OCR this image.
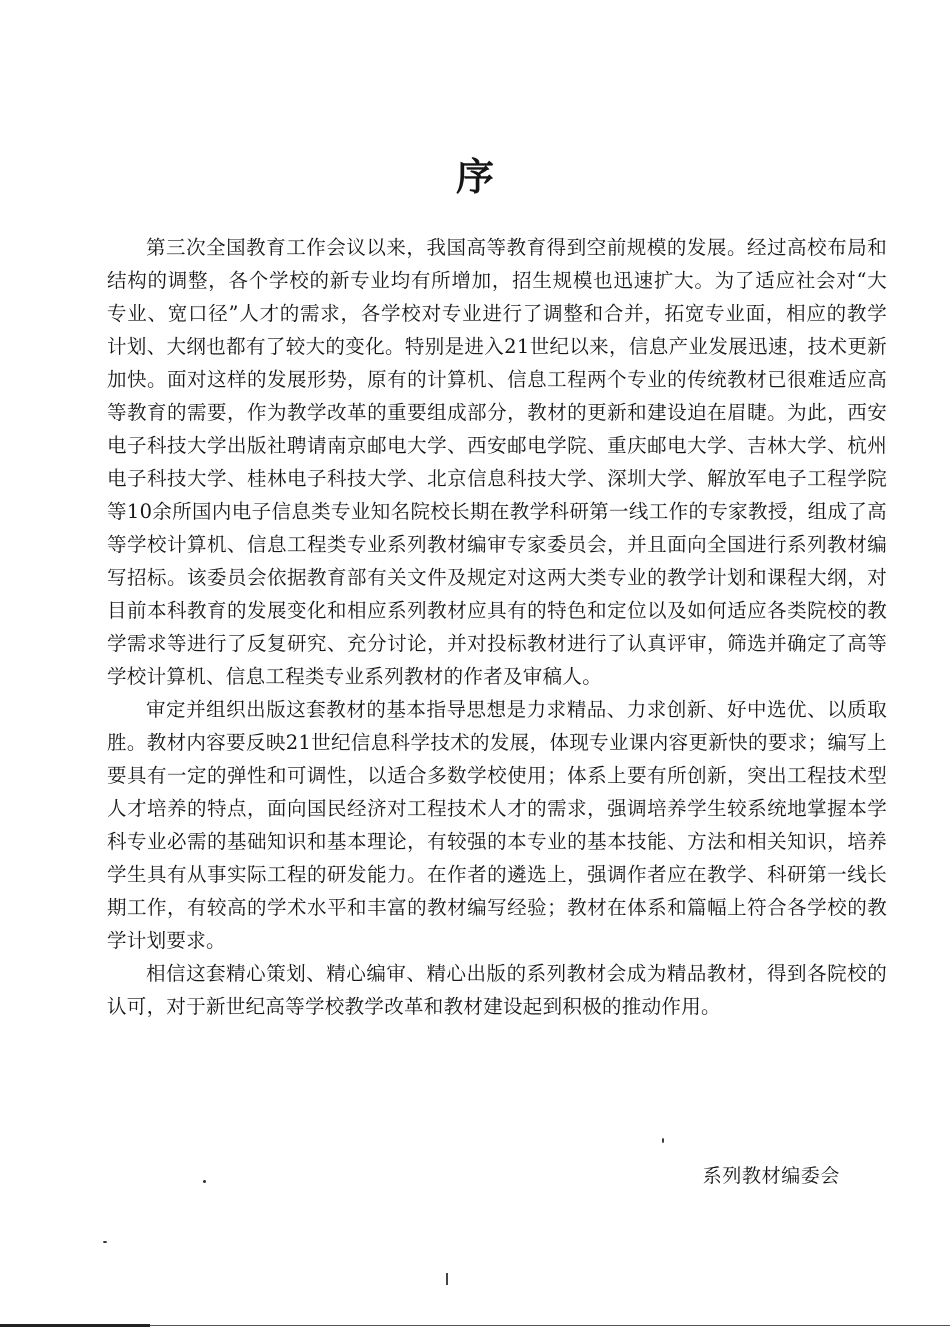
序

第三次全国教育工作会议以来，我国高等教育得到空前规模的发展。经过高校布局和结构的调整，各个学校的新专业均有所增加，招生规模也迅速扩大。为了适应社会对“大专业、宽口径”人才的需求，各学校对专业进行了调整和合并，拓宽专业面，相应的教学计划、大纲也都有了较大的变化。特别是进入21世纪以来，信息产业发展迅速，技术更新加快。面对这样的发展形势，原有的计算机、信息工程两个专业的传统教材已很难适应高等教育的需要，作为教学改革的重要组成部分，教材的更新和建设迫在眉睫。为此，西安电子科技大学出版社聘请南京邮电大学、西安邮电学院、重庆邮电大学、吉林大学、杭州电子科技大学、桂林电子科技大学、北京信息科技大学、深圳大学、解放军电子工程学院等10余所国内电子信息类专业知名院校长期在教学科研第一线工作的专家教授，组成了高等学校计算机、信息工程类专业系列教材编审专家委员会，并且面向全国进行系列教材编写招标。该委员会依据教育部有关文件及规定对这两大类专业的教学计划和课程大纲，对目前本科教育的发展变化和相应系列教材应具有的特色和定位以及如何适应各类院校的教学需求等进行了反复研究、充分讨论，并对投标教材进行了认真评审，筛选并确定了高等学校计算机、信息工程类专业系列教材的作者及审稿人。

审定并组织出版这套教材的基本指导思想是力求精品、力求创新、好中选优、以质取胜。教材内容要反映21世纪信息科学技术的发展，体现专业课内容更新快的要求；编写上要具有一定的弹性和可调性，以适合多数学校使用；体系上要有所创新，突出工程技术型人才培养的特点，面向国民经济对工程技术人才的需求，强调培养学生较系统地掌握本学科专业必需的基础知识和基本理论，有较强的本专业的基本技能、方法和相关知识，培养学生具有从事实际工程的研发能力。在作者的遴选上，强调作者应在教学、科研第一线长期工作，有较高的学术水平和丰富的教材编写经验；教材在体系和篇幅上符合各学校的教学计划要求。

相信这套精心策划、精心编审、精心出版的系列教材会成为精品教材，得到各院校的认可，对于新世纪高等学校教学改革和教材建设起到积极的推动作用。

系列教材编委会
